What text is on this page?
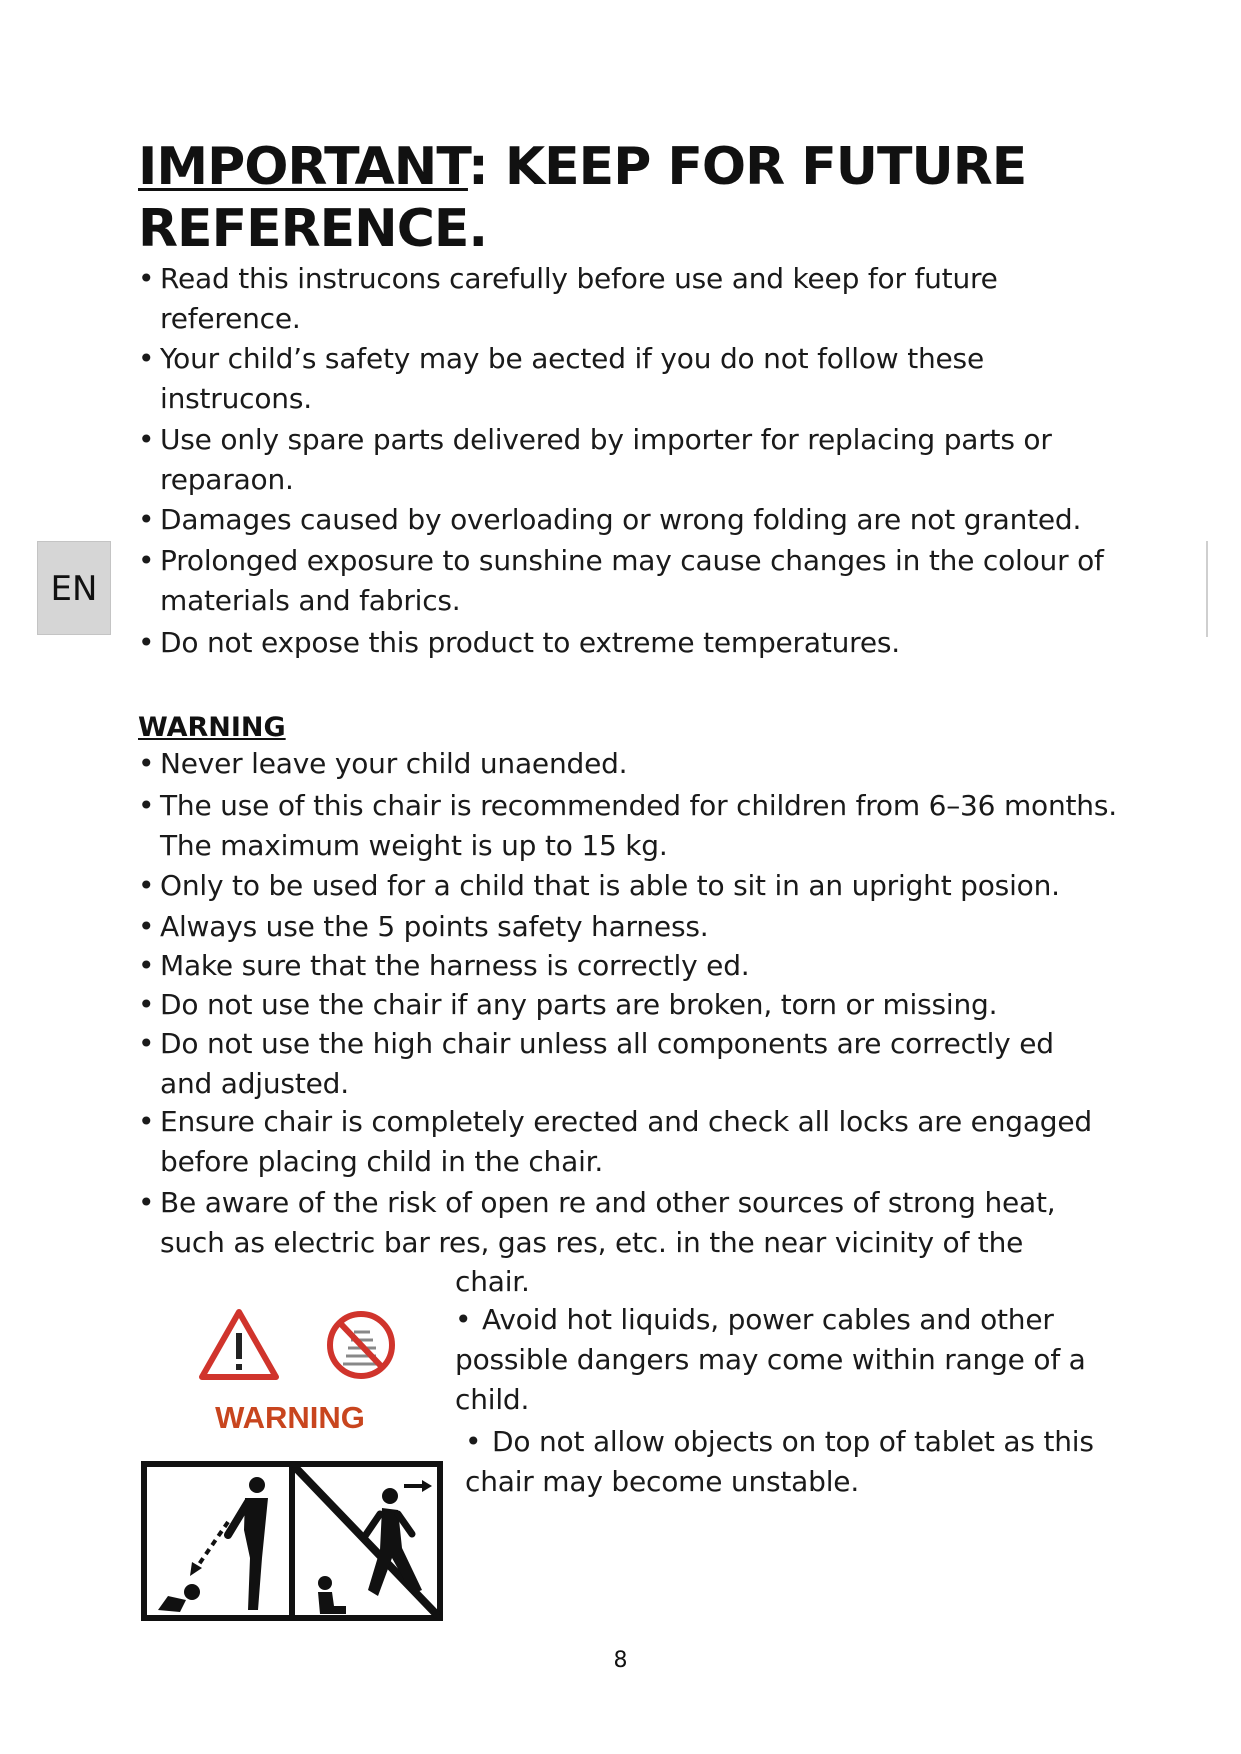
IMPORTANT: KEEP FOR FUTURE REFERENCE.
EN
• Read this instrucons carefully before use and keep for future
reference.
• Your child’s safety may be aected if you do not follow these
instrucons.
• Use only spare parts delivered by importer for replacing parts or
reparaon.
• Damages caused by overloading or wrong folding are not granted.
• Prolonged exposure to sunshine may cause changes in the colour of
materials and fabrics.
• Do not expose this product to extreme temperatures.
WARNING
• Never leave your child unaended.
• The use of this chair is recommended for children from 6–36 months.
The maximum weight is up to 15 kg.
• Only to be used for a child that is able to sit in an upright posion.
• Always use the 5 points safety harness.
• Make sure that the harness is correctly ed.
• Do not use the chair if any parts are broken, torn or missing.
• Do not use the high chair unless all components are correctly ed
and adjusted.
• Ensure chair is completely erected and check all locks are engaged
before placing child in the chair.
• Be aware of the risk of open re and other sources of strong heat,
such as electric bar res, gas res, etc. in the near vicinity of the
chair.
• Avoid hot liquids, power cables and other
possible dangers may come within range of a
child.
• Do not allow objects on top of tablet as this
chair may become unstable.
WARNING
8
